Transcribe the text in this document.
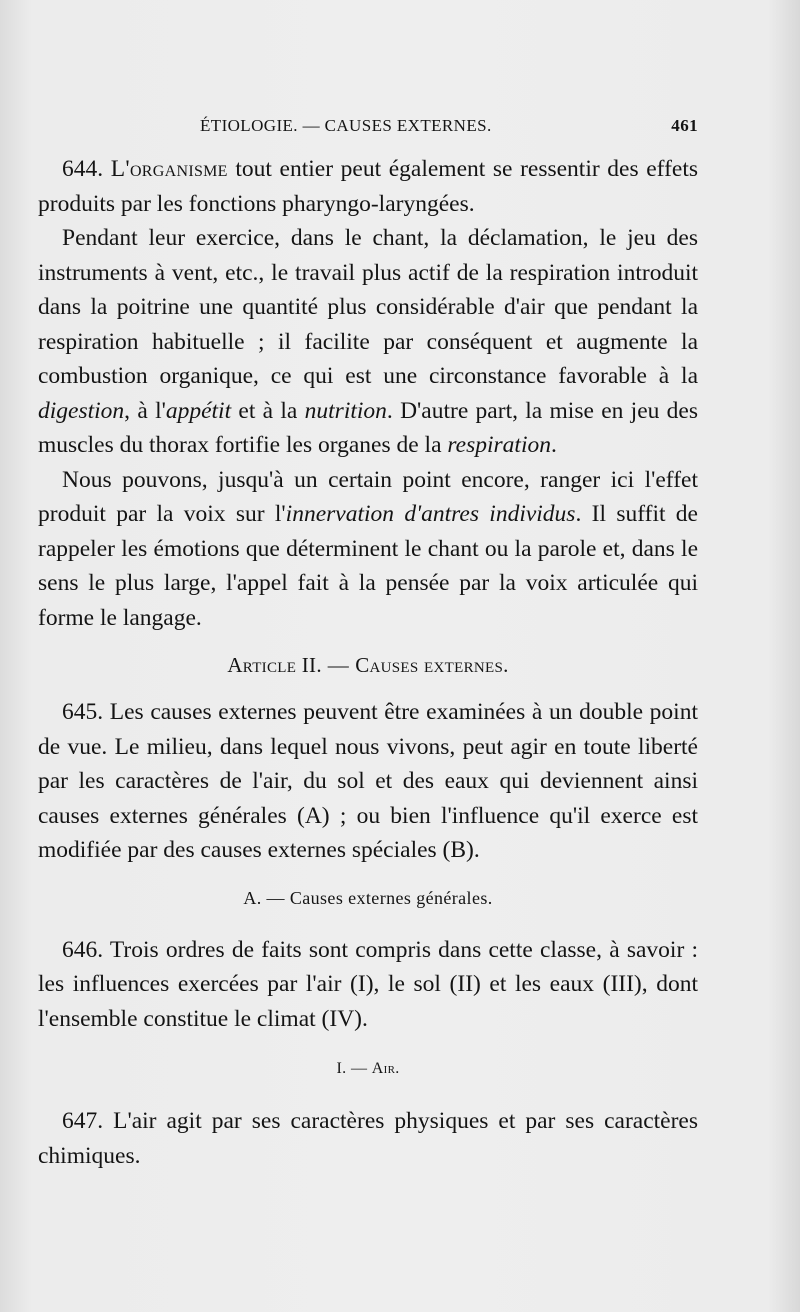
ÉTIOLOGIE. — CAUSES EXTERNES.	461

644. L'organisme tout entier peut également se ressentir des effets produits par les fonctions pharyngo-laryngées.

Pendant leur exercice, dans le chant, la déclamation, le jeu des instruments à vent, etc., le travail plus actif de la respiration introduit dans la poitrine une quantité plus considérable d'air que pendant la respiration habituelle ; il facilite par conséquent et augmente la combustion organique, ce qui est une circonstance favorable à la digestion, à l'appétit et à la nutrition. D'autre part, la mise en jeu des muscles du thorax fortifie les organes de la respiration.

Nous pouvons, jusqu'à un certain point encore, ranger ici l'effet produit par la voix sur l'innervation d'antres individus. Il suffit de rappeler les émotions que déterminent le chant ou la parole et, dans le sens le plus large, l'appel fait à la pensée par la voix articulée qui forme le langage.

Article II. — Causes externes.

645. Les causes externes peuvent être examinées à un double point de vue. Le milieu, dans lequel nous vivons, peut agir en toute liberté par les caractères de l'air, du sol et des eaux qui deviennent ainsi causes externes générales (A) ; ou bien l'influence qu'il exerce est modifiée par des causes externes spéciales (B).

A. — Causes externes générales.

646. Trois ordres de faits sont compris dans cette classe, à savoir : les influences exercées par l'air (I), le sol (II) et les eaux (III), dont l'ensemble constitue le climat (IV).

I. — Air.

647. L'air agit par ses caractères physiques et par ses caractères chimiques.
